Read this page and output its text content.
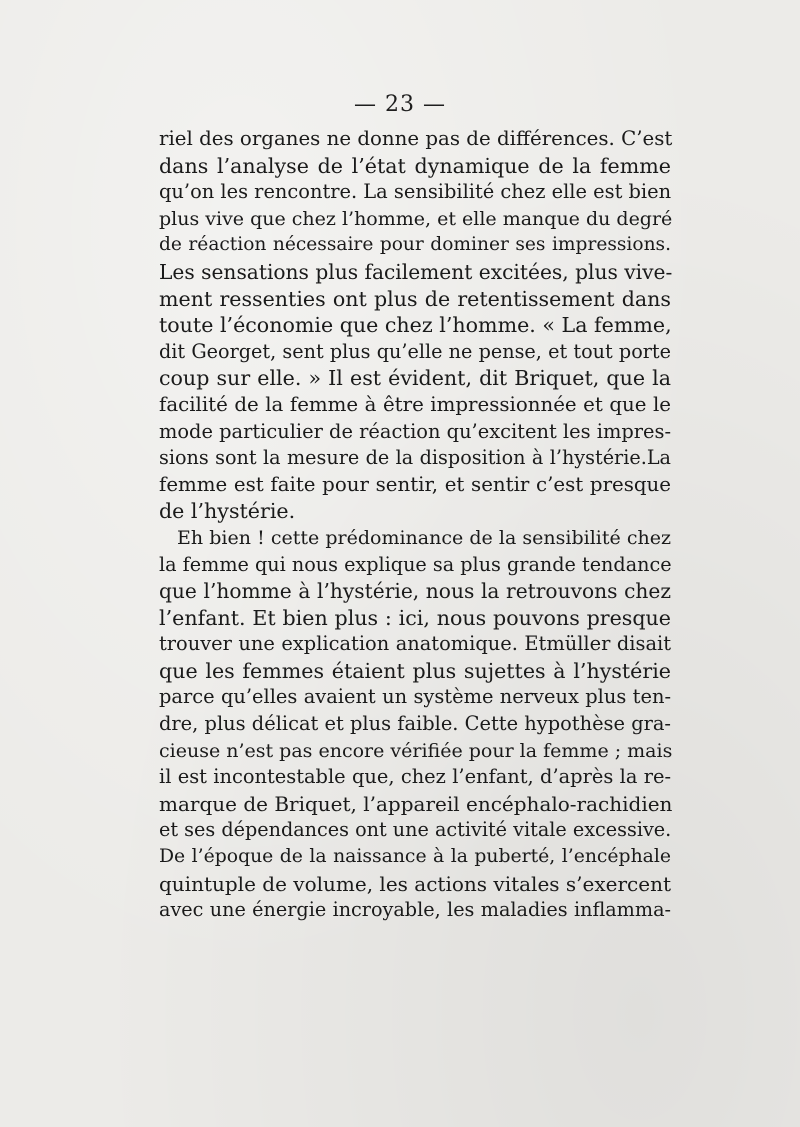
— 23 —
riel des organes ne donne pas de différences. C’est
dans l’analyse de l’état dynamique de la femme
qu’on les rencontre. La sensibilité chez elle est bien
plus vive que chez l’homme, et elle manque du degré
de réaction nécessaire pour dominer ses impressions.
Les sensations plus facilement excitées, plus vive-
ment ressenties ont plus de retentissement dans
toute l’économie que chez l’homme. « La femme,
dit Georget, sent plus qu’elle ne pense, et tout porte
coup sur elle. » Il est évident, dit Briquet, que la
facilité de la femme à être impressionnée et que le
mode particulier de réaction qu’excitent les impres-
sions sont la mesure de la disposition à l’hystérie.La
femme est faite pour sentir, et sentir c’est presque
de l’hystérie.
Eh bien ! cette prédominance de la sensibilité chez
la femme qui nous explique sa plus grande tendance
que l’homme à l’hystérie, nous la retrouvons chez
l’enfant. Et bien plus : ici, nous pouvons presque
trouver une explication anatomique. Etmüller disait
que les femmes étaient plus sujettes à l’hystérie
parce qu’elles avaient un système nerveux plus ten-
dre, plus délicat et plus faible. Cette hypothèse gra-
cieuse n’est pas encore vérifiée pour la femme ; mais
il est incontestable que, chez l’enfant, d’après la re-
marque de Briquet, l’appareil encéphalo-rachidien
et ses dépendances ont une activité vitale excessive.
De l’époque de la naissance à la puberté, l’encéphale
quintuple de volume, les actions vitales s’exercent
avec une énergie incroyable, les maladies inflamma-
